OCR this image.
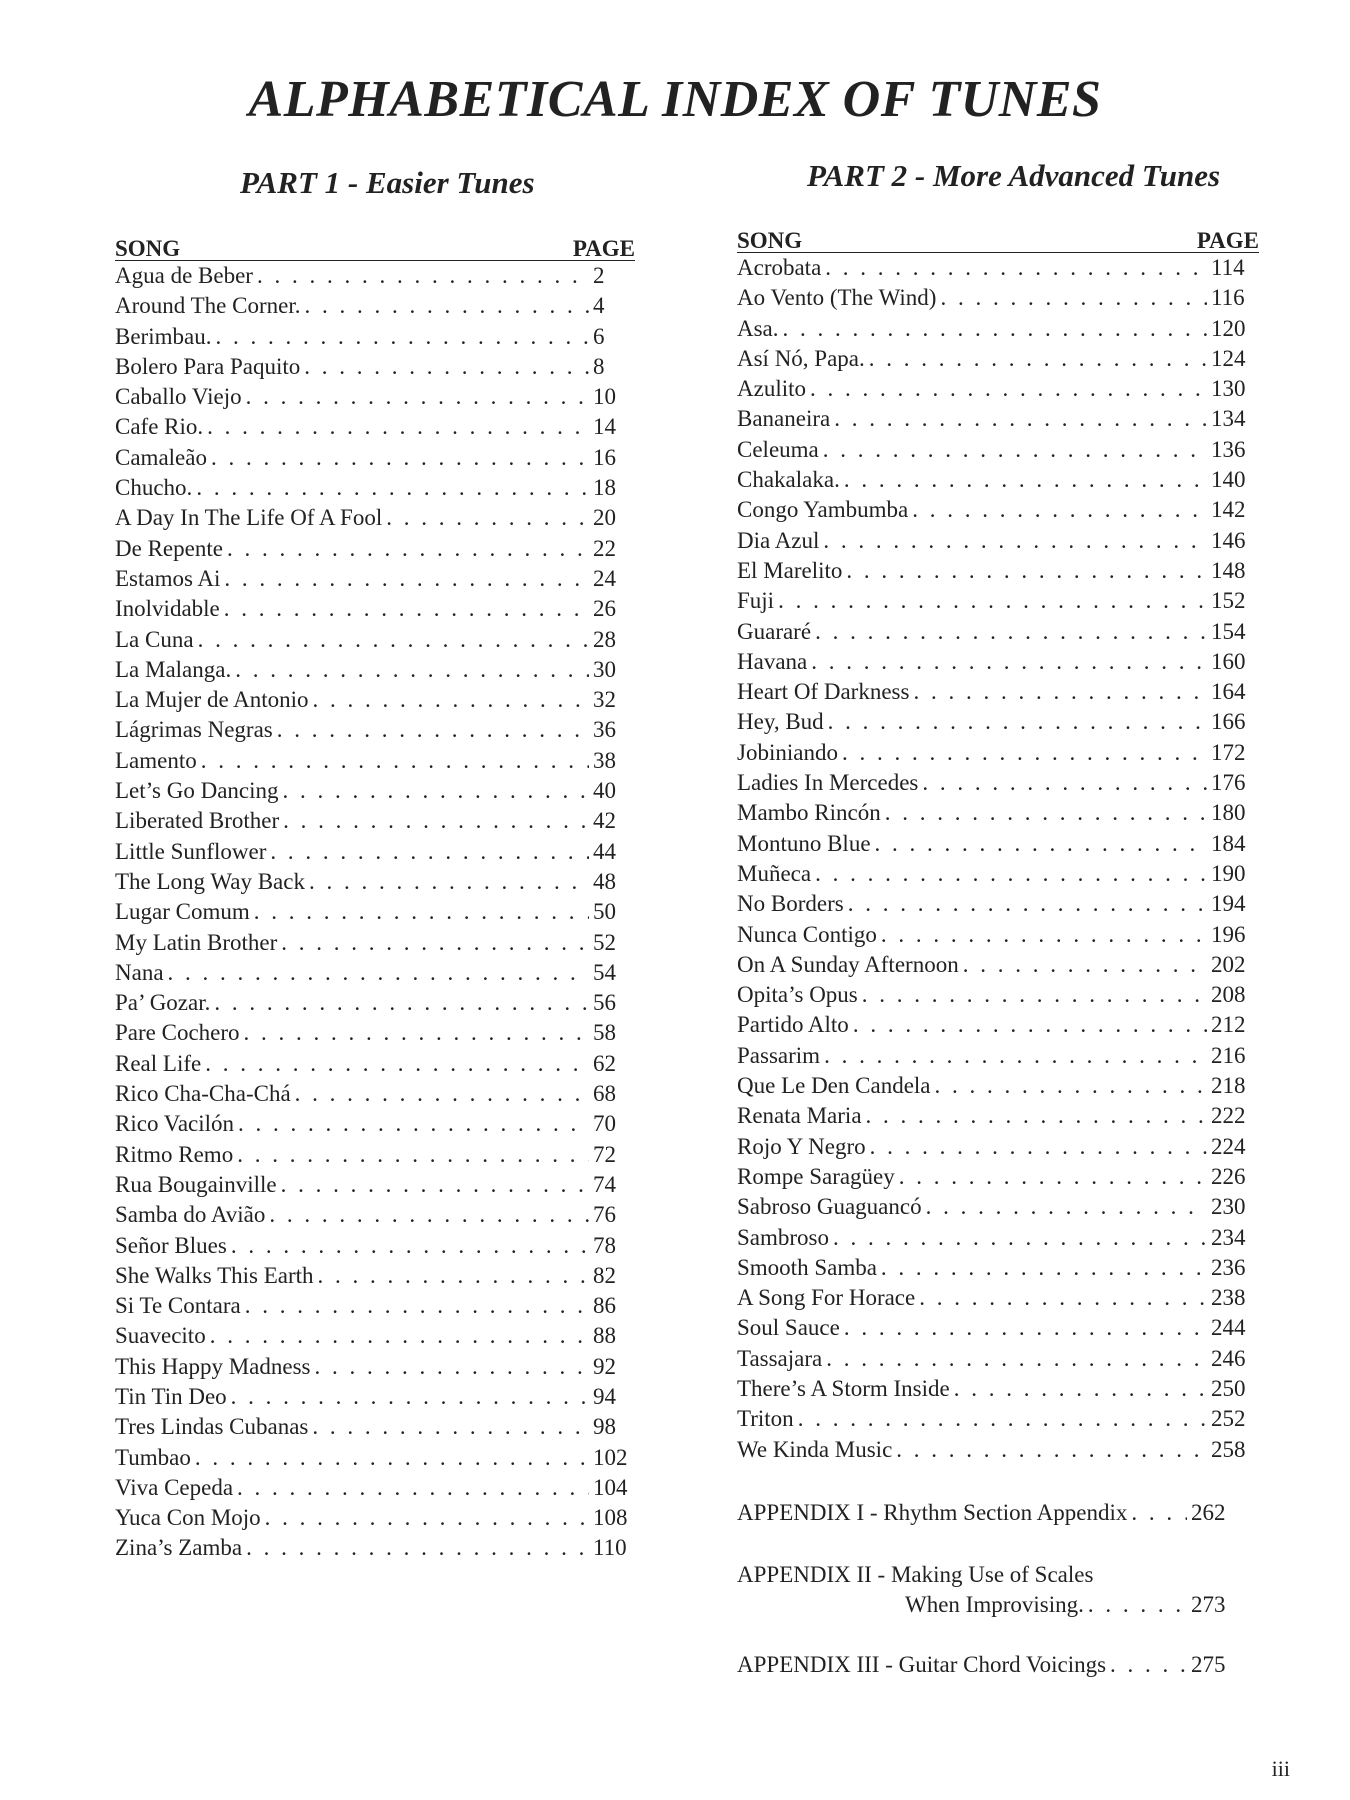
ALPHABETICAL INDEX OF TUNES
PART 1 - Easier Tunes	PART 2 - More Advanced Tunes
SONG	PAGE
Agua de Beber . . .	2
Around The Corner. . . .	4
Berimbau. . . .	6
Bolero Para Paquito . . .	8
Caballo Viejo . . .	10
Cafe Rio. . . .	14
Camaleão . . .	16
Chucho. . . .	18
A Day In The Life Of A Fool . . .	20
De Repente . . .	22
Estamos Ai . . .	24
Inolvidable . . .	26
La Cuna . . .	28
La Malanga. . . .	30
La Mujer de Antonio . . .	32
Lágrimas Negras . . .	36
Lamento . . .	38
Let’s Go Dancing . . .	40
Liberated Brother . . .	42
Little Sunflower . . .	44
The Long Way Back . . .	48
Lugar Comum . . .	50
My Latin Brother . . .	52
Nana . . .	54
Pa’ Gozar. . . .	56
Pare Cochero . . .	58
Real Life . . .	62
Rico Cha-Cha-Chá . . .	68
Rico Vacilón . . .	70
Ritmo Remo . . .	72
Rua Bougainville . . .	74
Samba do Avião . . .	76
Señor Blues . . .	78
She Walks This Earth . . .	82
Si Te Contara . . .	86
Suavecito . . .	88
This Happy Madness . . .	92
Tin Tin Deo . . .	94
Tres Lindas Cubanas . . .	98
Tumbao . . .	102
Viva Cepeda . . .	104
Yuca Con Mojo . . .	108
Zina’s Zamba . . .	110
SONG	PAGE
Acrobata . . .	114
Ao Vento (The Wind) . . .	116
Asa. . . .	120
Así Nó, Papa. . . .	124
Azulito . . .	130
Bananeira . . .	134
Celeuma . . .	136
Chakalaka. . . .	140
Congo Yambumba . . .	142
Dia Azul . . .	146
El Marelito . . .	148
Fuji . . .	152
Guararé . . .	154
Havana . . .	160
Heart Of Darkness . . .	164
Hey, Bud . . .	166
Jobiniando . . .	172
Ladies In Mercedes . . .	176
Mambo Rincón . . .	180
Montuno Blue . . .	184
Muñeca . . .	190
No Borders . . .	194
Nunca Contigo . . .	196
On A Sunday Afternoon . . .	202
Opita’s Opus . . .	208
Partido Alto . . .	212
Passarim . . .	216
Que Le Den Candela . . .	218
Renata Maria . . .	222
Rojo Y Negro . . .	224
Rompe Saragüey . . .	226
Sabroso Guaguancó . . .	230
Sambroso . . .	234
Smooth Samba . . .	236
A Song For Horace . . .	238
Soul Sauce . . .	244
Tassajara . . .	246
There’s A Storm Inside . . .	250
Triton . . .	252
We Kinda Music . . .	258
APPENDIX I - Rhythm Section Appendix . . .	262
APPENDIX II - Making Use of Scales
When Improvising. . . .	273
APPENDIX III - Guitar Chord Voicings . . .	275
iii
